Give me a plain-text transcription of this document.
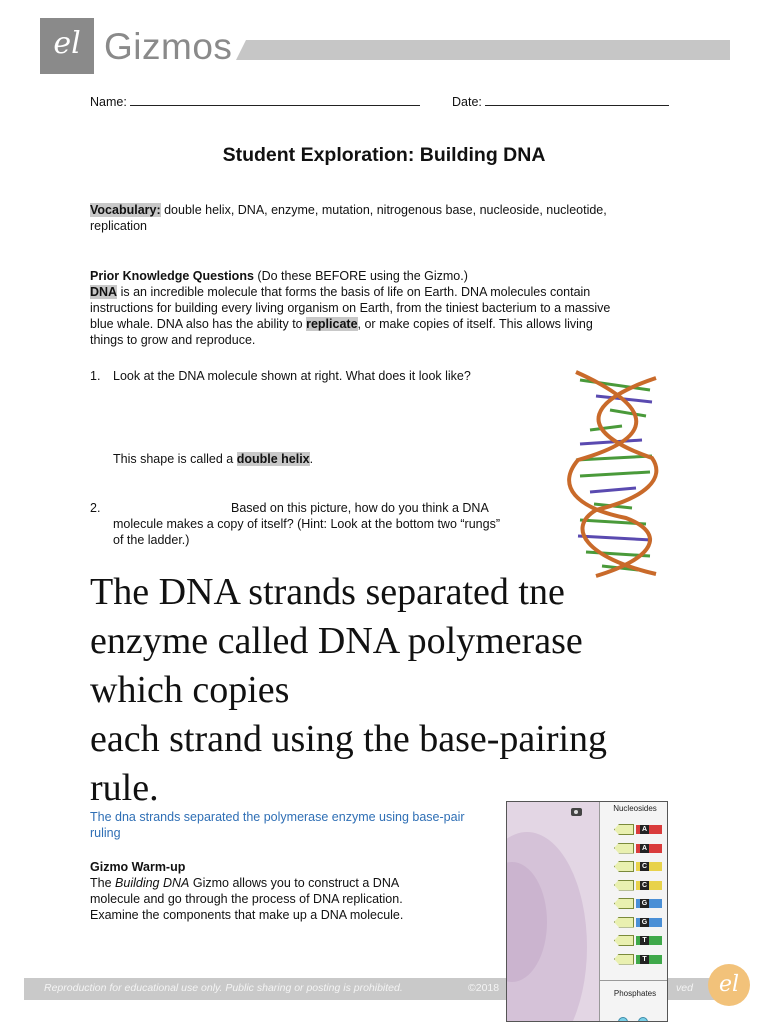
el Gizmos
Name:	Date:
Student Exploration: Building DNA
Vocabulary: double helix, DNA, enzyme, mutation, nitrogenous base, nucleoside, nucleotide,
replication
Prior Knowledge Questions (Do these BEFORE using the Gizmo.)
DNA is an incredible molecule that forms the basis of life on Earth. DNA molecules contain
instructions for building every living organism on Earth, from the tiniest bacterium to a massive
blue whale. DNA also has the ability to replicate, or make copies of itself. This allows living
things to grow and reproduce.
1. Look at the DNA molecule shown at right. What does it look like?
This shape is called a double helix.
2.	Based on this picture, how do you think a DNA
molecule makes a copy of itself? (Hint: Look at the bottom two “rungs”
of the ladder.)
The DNA strands separated tne
enzyme called DNA polymerase
which copies
each strand using the base-pairing
rule.
The dna strands separated the polymerase enzyme using base-pair
ruling
Gizmo Warm-up
The Building DNA Gizmo allows you to construct a DNA
molecule and go through the process of DNA replication.
Examine the components that make up a DNA molecule.
Reproduction for educational use only. Public sharing or posting is prohibited.	©2018	ved	el
Nucleosides
A
A
C
C
G
G
T
T
Phosphates
